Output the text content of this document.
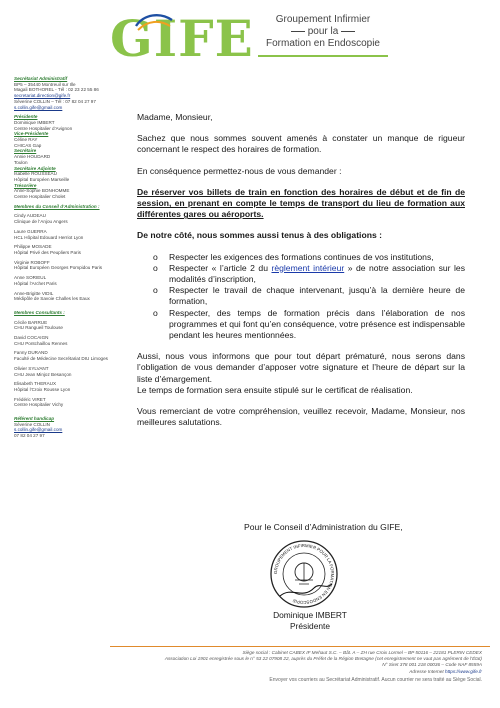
GIFE	Groupement Infirmier
pour la
Formation en Endoscopie
Secrétariat Administratif
BP5 – 35440 Montreuil sur Ille
Magali BOTHOREL - Tél : 02 23 22 55 86
secretariat.direction@gife.fr
Séverine COLLIN – Tél : 07 82 04 27 97
s.collin.gife@gmail.com
Présidente
Dominique IMBERT
Centre Hospitalier d’Avignon
Vice-Présidente
Céline RAY
CHICAS Gap
Secrétaire
Annie HOUDARD
Toulon
Secrétaire Adjointe
Isabelle ROUSSEAU
Hôpital Européen Marseille
Trésorière
Anne-Sophie BONHOMME
Centre Hospitalier Cholet
Membres du Conseil d’Administration :
Cindy AUDEAU
Clinique de l’Anjou Angers
Laure GUERRA
HCL Hôpital Edouard Herriot Lyon
Philippe MOSADE
Hôpital Privé des Peupliers Paris
Virginie ROBOFF
Hôpital Européen Georges Pompidou Paris
Anne SORIEUL
Hôpital l’Archet Paris
Anne-Brigitte VIDIL
Médipôle de Savoie Challes les Eaux
Membres Consultants :
Cécile BARRUE
CHU Rangueil Toulouse
David COCAIGN
CHU Pontchaillou Rennes
Fanny DURAND
Faculté de Médecine Secrétariat DIU Limoges
Olivier SYLVANT
CHU Jean Minjoz Besançon
Elisabeth THERAUX
Hôpital l’Croix Rousse Lyon
Frédéric VIRET
Centre Hospitalier Vichy
Référent handicap
Séverine COLLIN
s.collin.gife@gmail.com
07 82 04 27 97

Madame, Monsieur,

Sachez que nous sommes souvent amenés à constater un manque de rigueur concernant le respect des horaires de formation.

En conséquence permettez-nous de vous demander :

De réserver vos billets de train en fonction des horaires de début et de fin de session, en prenant en compte le temps de transport du lieu de formation aux différentes gares ou aéroports.

De notre côté, nous sommes aussi tenus à des obligations :

o Respecter les exigences des formations continues de vos institutions,
o Respecter « l’article 2 du règlement intérieur » de notre association sur les modalités d’inscription,
o Respecter le travail de chaque intervenant, jusqu’à la dernière heure de formation,
o Respecter, des temps de formation précis dans l’élaboration de nos programmes et qui font qu’en conséquence, votre présence est indispensable pendant les heures mentionnées.

Aussi, nous vous informons que pour tout départ prématuré, nous serons dans l’obligation de vous demander d’apposer votre signature et l’heure de départ sur la liste d’émargement.

Le temps de formation sera ensuite stipulé sur le certificat de réalisation.

Vous remerciant de votre compréhension, veuillez recevoir, Madame, Monsieur, nos meilleures salutations.

Pour le Conseil d’Administration du GIFE,
GROUPEMENT INFIRMIER POUR LA FORMATION EN ENDOSCOPIE
Dominique IMBERT
Présidente
Siège social : Cabinet CABEX IF Mehaut S.C. – Bât. A – ZH rue Croix Lormel – BP 50116 – 22181 PLERIN CEDEX
Association Loi 1901 enregistrée sous le n° 53 22 07908 22, auprès du Préfet de la Région Bretagne (cet enregistrement ne vaut pas agrément de l’État)
N° Siret 378 001 218 00036 – Code NAF 8559A
Adresse Internet https://www.gife.fr
Envoyer vos courriers au Secrétariat Administratif. Aucun courrier ne sera traité au Siège Social.
